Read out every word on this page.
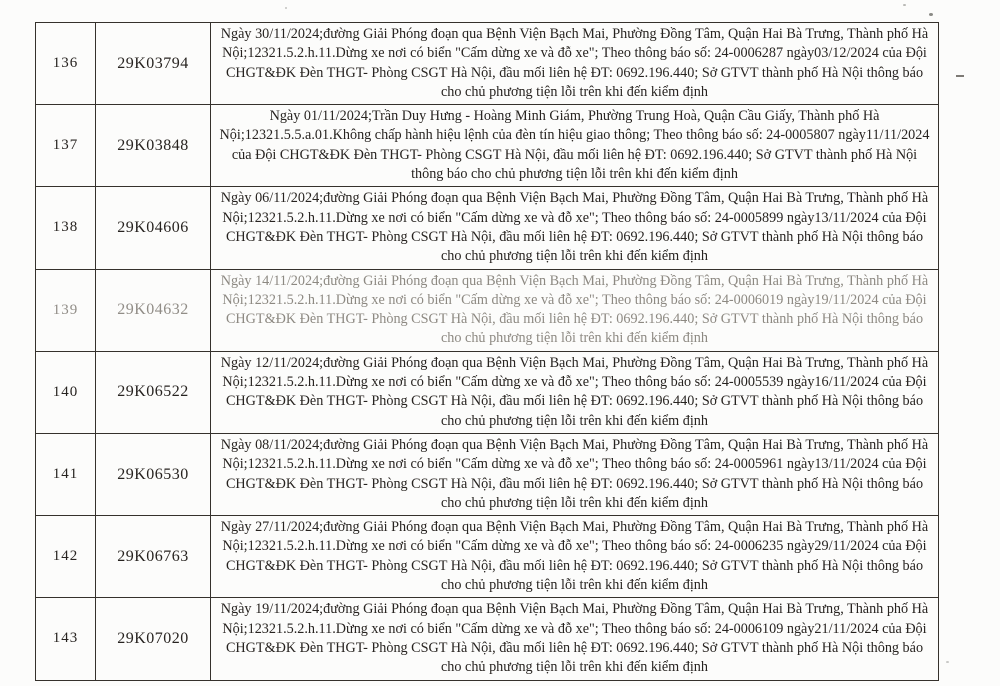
136	29K03794	Ngày 30/11/2024;đường Giải Phóng đoạn qua Bệnh Viện Bạch Mai, Phường Đồng Tâm, Quận Hai Bà Trưng, Thành phố Hà Nội;12321.5.2.h.11.Dừng xe nơi có biển "Cấm dừng xe và đỗ xe"; Theo thông báo số: 24-0006287 ngày03/12/2024 của Đội CHGT&ĐK Đèn THGT- Phòng CSGT Hà Nội, đầu mối liên hệ ĐT: 0692.196.440; Sở GTVT thành phố Hà Nội thông báo cho chủ phương tiện lỗi trên khi đến kiểm định
137	29K03848	Ngày 01/11/2024;Trần Duy Hưng - Hoàng Minh Giám, Phường Trung Hoà, Quận Cầu Giấy, Thành phố Hà Nội;12321.5.5.a.01.Không chấp hành hiệu lệnh của đèn tín hiệu giao thông; Theo thông báo số: 24-0005807 ngày11/11/2024 của Đội CHGT&ĐK Đèn THGT- Phòng CSGT Hà Nội, đầu mối liên hệ ĐT: 0692.196.440; Sở GTVT thành phố Hà Nội thông báo cho chủ phương tiện lỗi trên khi đến kiểm định
138	29K04606	Ngày 06/11/2024;đường Giải Phóng đoạn qua Bệnh Viện Bạch Mai, Phường Đồng Tâm, Quận Hai Bà Trưng, Thành phố Hà Nội;12321.5.2.h.11.Dừng xe nơi có biển "Cấm dừng xe và đỗ xe"; Theo thông báo số: 24-0005899 ngày13/11/2024 của Đội CHGT&ĐK Đèn THGT- Phòng CSGT Hà Nội, đầu mối liên hệ ĐT: 0692.196.440; Sở GTVT thành phố Hà Nội thông báo cho chủ phương tiện lỗi trên khi đến kiểm định
139	29K04632	Ngày 14/11/2024;đường Giải Phóng đoạn qua Bệnh Viện Bạch Mai, Phường Đồng Tâm, Quận Hai Bà Trưng, Thành phố Hà Nội;12321.5.2.h.11.Dừng xe nơi có biển "Cấm dừng xe và đỗ xe"; Theo thông báo số: 24-0006019 ngày19/11/2024 của Đội CHGT&ĐK Đèn THGT- Phòng CSGT Hà Nội, đầu mối liên hệ ĐT: 0692.196.440; Sở GTVT thành phố Hà Nội thông báo cho chủ phương tiện lỗi trên khi đến kiểm định
140	29K06522	Ngày 12/11/2024;đường Giải Phóng đoạn qua Bệnh Viện Bạch Mai, Phường Đồng Tâm, Quận Hai Bà Trưng, Thành phố Hà Nội;12321.5.2.h.11.Dừng xe nơi có biển "Cấm dừng xe và đỗ xe"; Theo thông báo số: 24-0005539 ngày16/11/2024 của Đội CHGT&ĐK Đèn THGT- Phòng CSGT Hà Nội, đầu mối liên hệ ĐT: 0692.196.440; Sở GTVT thành phố Hà Nội thông báo cho chủ phương tiện lỗi trên khi đến kiểm định
141	29K06530	Ngày 08/11/2024;đường Giải Phóng đoạn qua Bệnh Viện Bạch Mai, Phường Đồng Tâm, Quận Hai Bà Trưng, Thành phố Hà Nội;12321.5.2.h.11.Dừng xe nơi có biển "Cấm dừng xe và đỗ xe"; Theo thông báo số: 24-0005961 ngày13/11/2024 của Đội CHGT&ĐK Đèn THGT- Phòng CSGT Hà Nội, đầu mối liên hệ ĐT: 0692.196.440; Sở GTVT thành phố Hà Nội thông báo cho chủ phương tiện lỗi trên khi đến kiểm định
142	29K06763	Ngày 27/11/2024;đường Giải Phóng đoạn qua Bệnh Viện Bạch Mai, Phường Đồng Tâm, Quận Hai Bà Trưng, Thành phố Hà Nội;12321.5.2.h.11.Dừng xe nơi có biển "Cấm dừng xe và đỗ xe"; Theo thông báo số: 24-0006235 ngày29/11/2024 của Đội CHGT&ĐK Đèn THGT- Phòng CSGT Hà Nội, đầu mối liên hệ ĐT: 0692.196.440; Sở GTVT thành phố Hà Nội thông báo cho chủ phương tiện lỗi trên khi đến kiểm định
143	29K07020	Ngày 19/11/2024;đường Giải Phóng đoạn qua Bệnh Viện Bạch Mai, Phường Đồng Tâm, Quận Hai Bà Trưng, Thành phố Hà Nội;12321.5.2.h.11.Dừng xe nơi có biển "Cấm dừng xe và đỗ xe"; Theo thông báo số: 24-0006109 ngày21/11/2024 của Đội CHGT&ĐK Đèn THGT- Phòng CSGT Hà Nội, đầu mối liên hệ ĐT: 0692.196.440; Sở GTVT thành phố Hà Nội thông báo cho chủ phương tiện lỗi trên khi đến kiểm định
